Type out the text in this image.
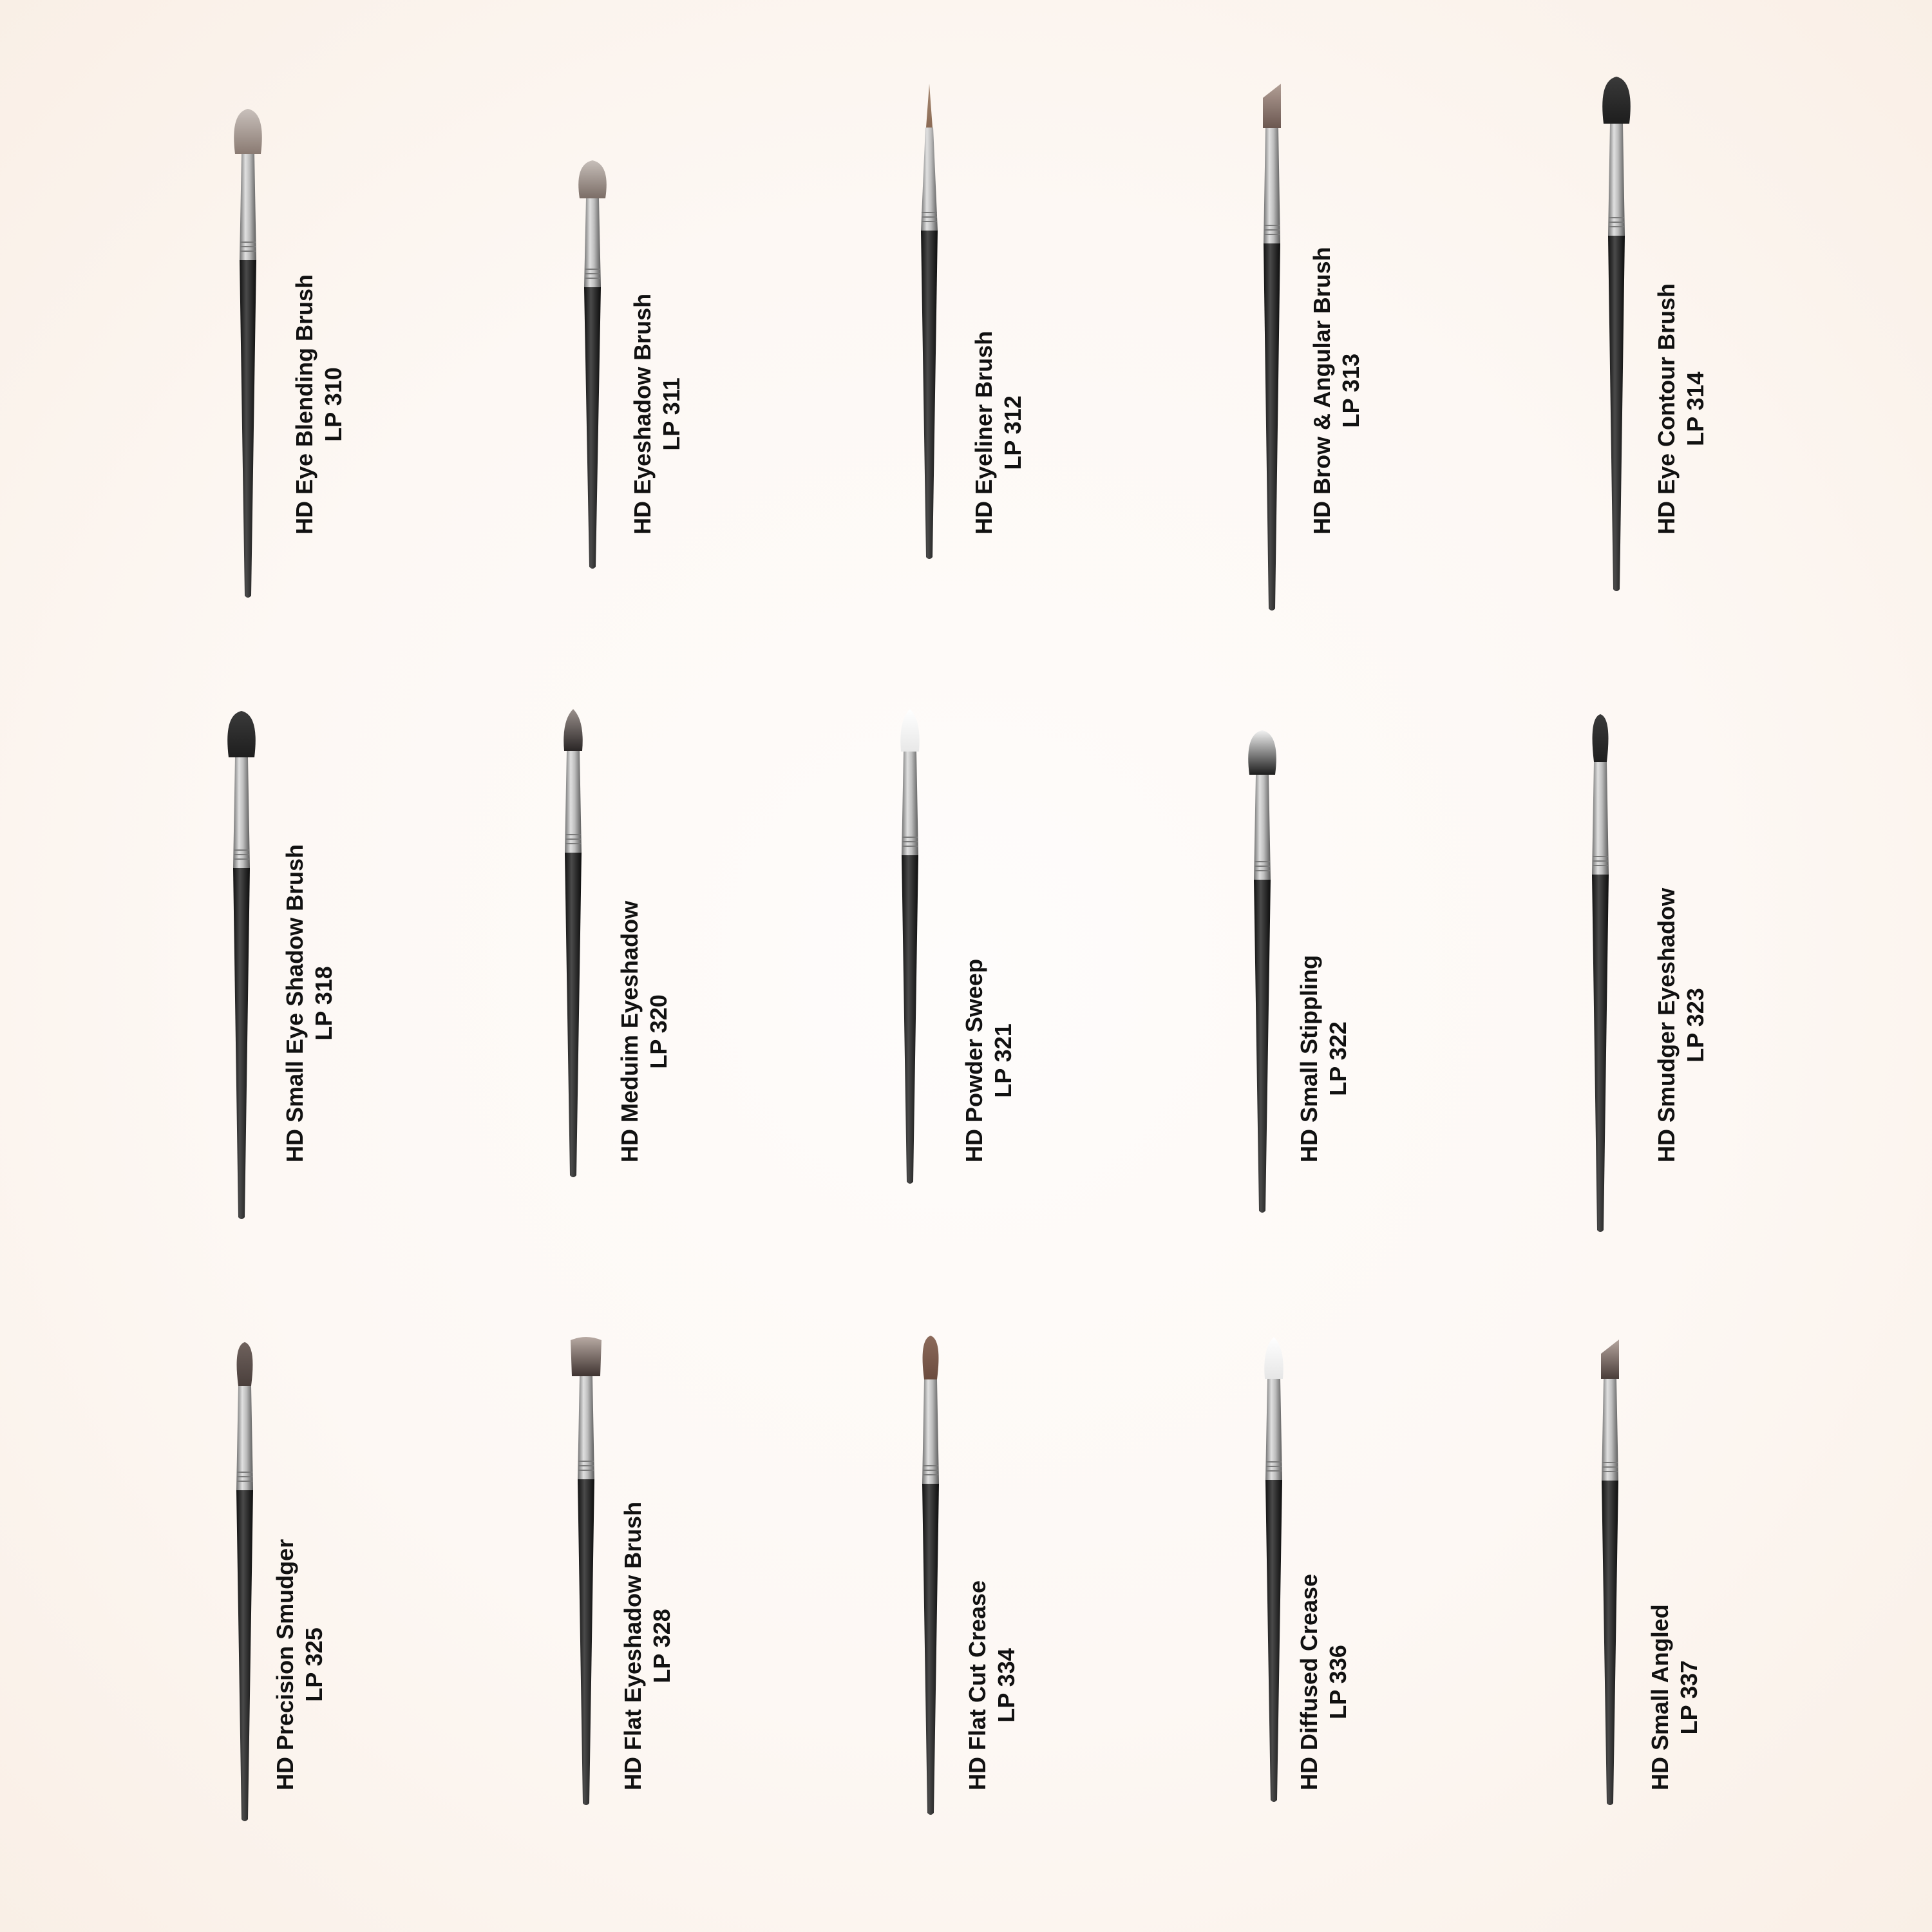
HD Eye Blending Brush LP 310	HD Eyeshadow Brush LP 311	HD Eyeliner Brush LP 312	HD Brow & Angular Brush LP 313	HD Eye Contour Brush LP 314
HD Small Eye Shadow Brush LP 318	HD Meduim Eyeshadow LP 320	HD Powder Sweep LP 321	HD Small Stippling LP 322	HD Smudger Eyeshadow LP 323
HD Precision Smudger LP 325	HD Flat Eyeshadow Brush LP 328	HD Flat Cut Crease LP 334	HD Diffused Crease LP 336	HD Small Angled LP 337
